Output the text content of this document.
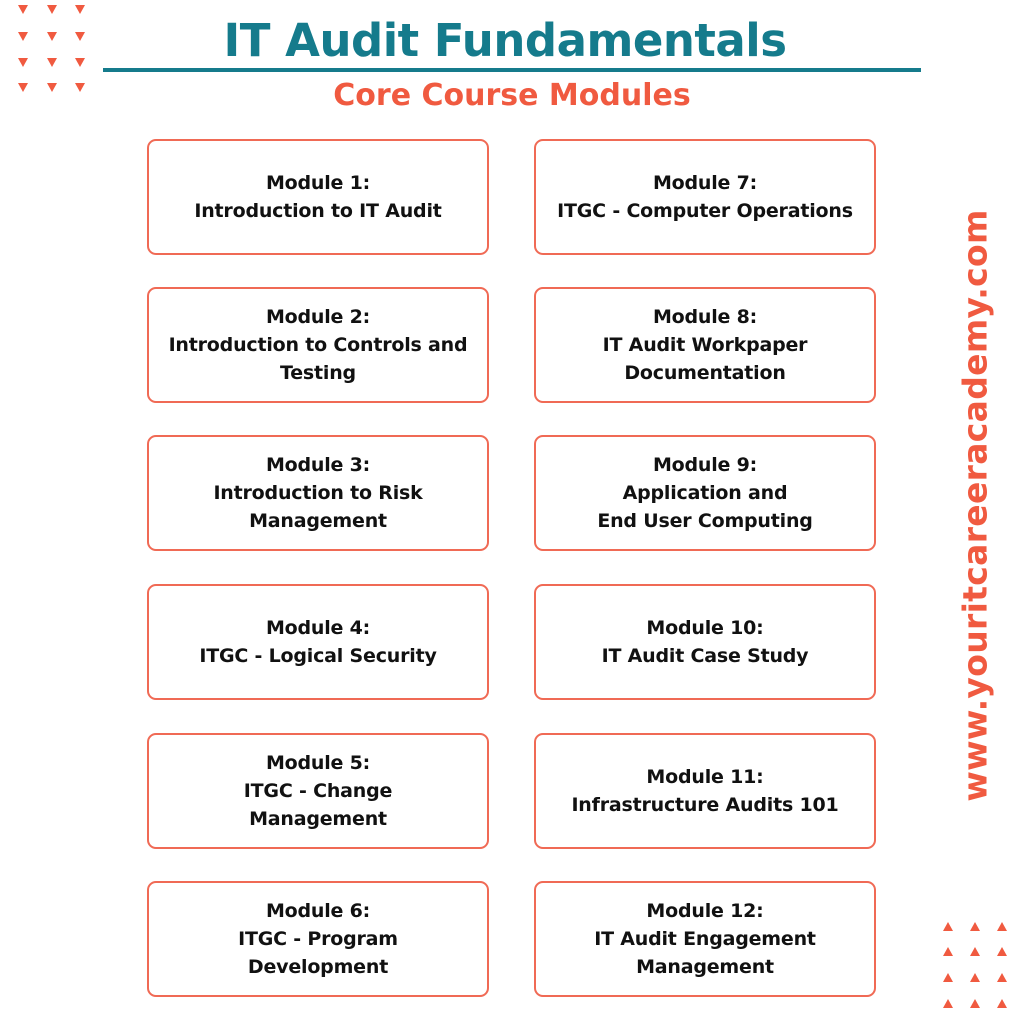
IT Audit Fundamentals
Core Course Modules
Module 1:
Introduction to IT Audit
Module 2:
Introduction to Controls and
Testing
Module 3:
Introduction to Risk
Management
Module 4:
ITGC - Logical Security
Module 5:
ITGC - Change
Management
Module 6:
ITGC - Program
Development
Module 7:
ITGC - Computer Operations
Module 8:
IT Audit Workpaper
Documentation
Module 9:
Application and
End User Computing
Module 10:
IT Audit Case Study
Module 11:
Infrastructure Audits 101
Module 12:
IT Audit Engagement
Management
www.youritcareeracademy.com
